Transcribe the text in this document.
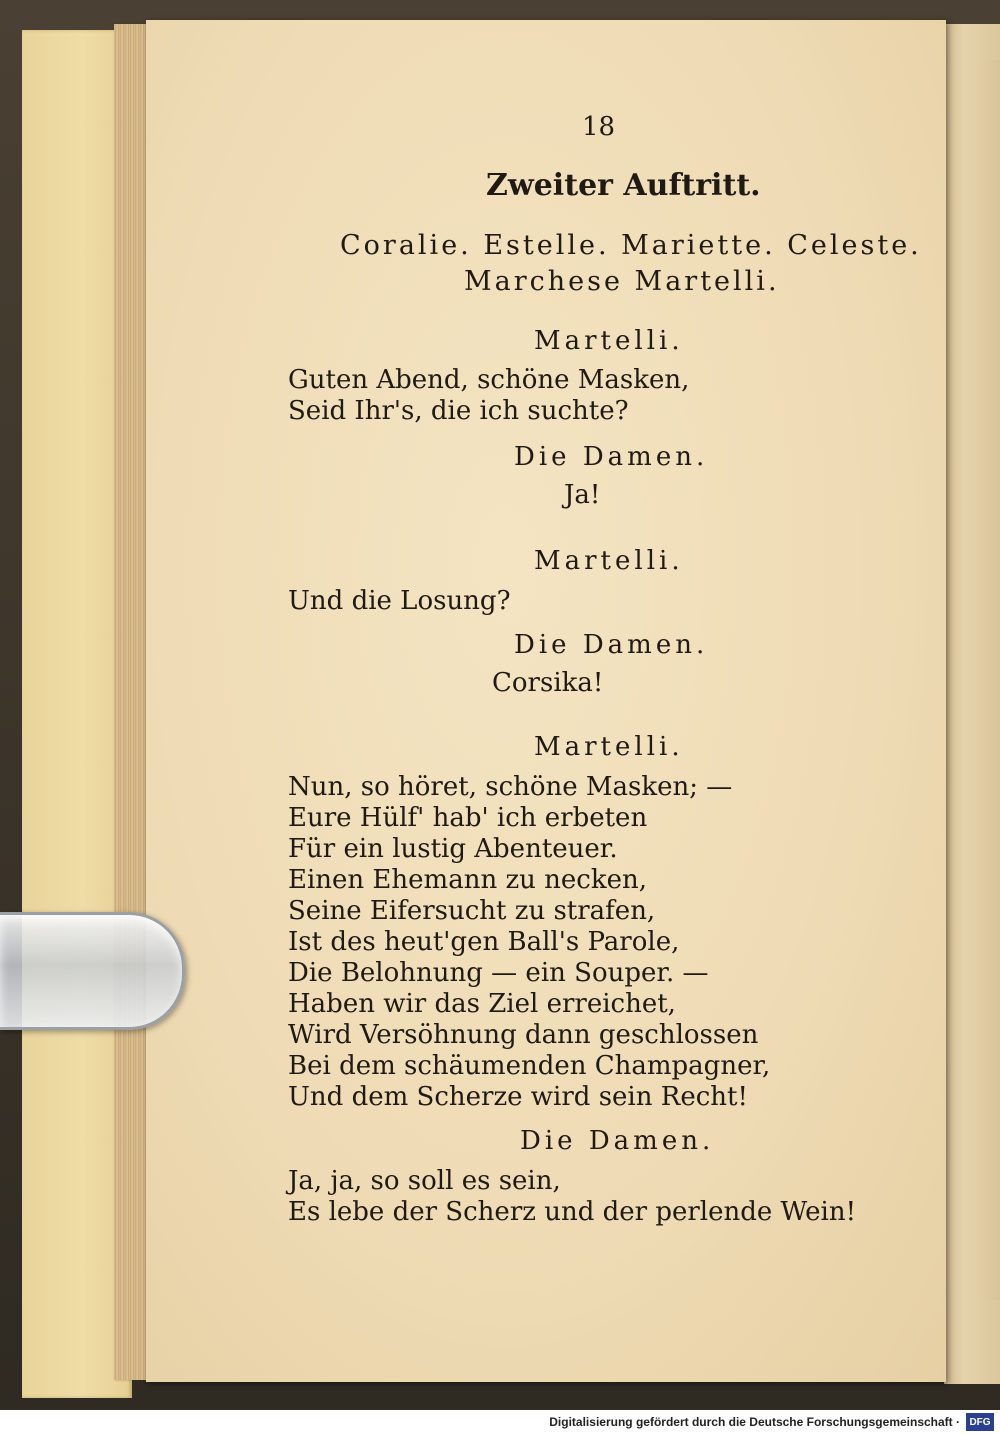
18
Zweiter Auftritt.
Coralie. Estelle. Mariette. Celeste.
Marchese Martelli.
Martelli.
Guten Abend, schöne Masken,
Seid Ihr's, die ich suchte?
Die Damen.
Ja!
Martelli.
Und die Losung?
Die Damen.
Corsika!
Martelli.
Nun, so höret, schöne Masken; —
Eure Hülf' hab' ich erbeten
Für ein lustig Abenteuer.
Einen Ehemann zu necken,
Seine Eifersucht zu strafen,
Ist des heut'gen Ball's Parole,
Die Belohnung — ein Souper. —
Haben wir das Ziel erreichet,
Wird Versöhnung dann geschlossen
Bei dem schäumenden Champagner,
Und dem Scherze wird sein Recht!
Die Damen.
Ja, ja, so soll es sein,
Es lebe der Scherz und der perlende Wein!
Digitalisierung gefördert durch die Deutsche Forschungsgemeinschaft · DFG
